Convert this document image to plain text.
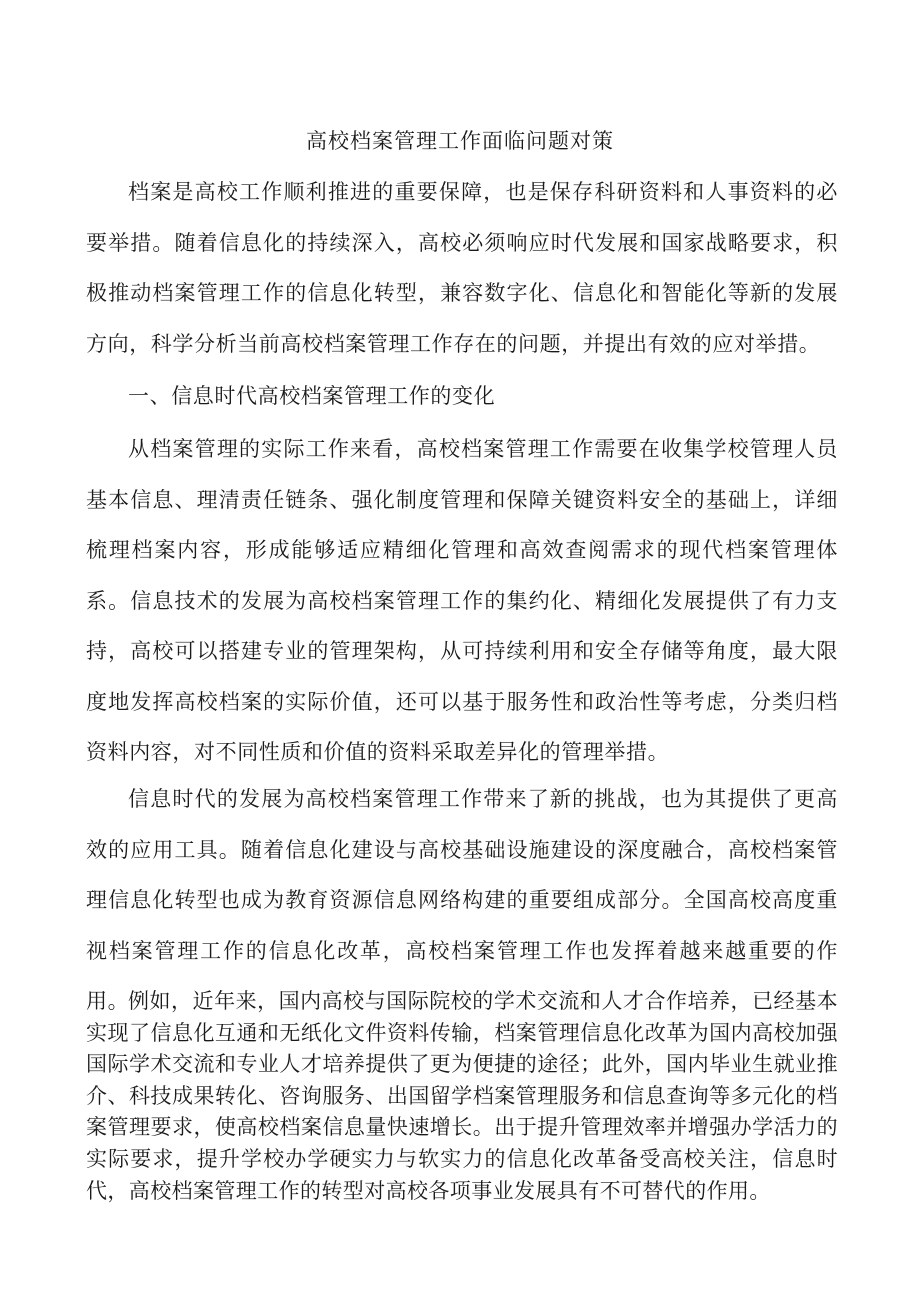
高校档案管理工作面临问题对策

档案是高校工作顺利推进的重要保障，也是保存科研资料和人事资料的必要举措。随着信息化的持续深入，高校必须响应时代发展和国家战略要求，积极推动档案管理工作的信息化转型，兼容数字化、信息化和智能化等新的发展方向，科学分析当前高校档案管理工作存在的问题，并提出有效的应对举措。

一、信息时代高校档案管理工作的变化

从档案管理的实际工作来看，高校档案管理工作需要在收集学校管理人员基本信息、理清责任链条、强化制度管理和保障关键资料安全的基础上，详细梳理档案内容，形成能够适应精细化管理和高效查阅需求的现代档案管理体系。信息技术的发展为高校档案管理工作的集约化、精细化发展提供了有力支持，高校可以搭建专业的管理架构，从可持续利用和安全存储等角度，最大限度地发挥高校档案的实际价值，还可以基于服务性和政治性等考虑，分类归档资料内容，对不同性质和价值的资料采取差异化的管理举措。

信息时代的发展为高校档案管理工作带来了新的挑战，也为其提供了更高效的应用工具。随着信息化建设与高校基础设施建设的深度融合，高校档案管理信息化转型也成为教育资源信息网络构建的重要组成部分。全国高校高度重视档案管理工作的信息化改革，高校档案管理工作也发挥着越来越重要的作用。

例如，近年来，国内高校与国际院校的学术交流和人才合作培养，已经基本实现了信息化互通和无纸化文件资料传输，档案管理信息化改革为国内高校加强国际学术交流和专业人才培养提供了更为便捷的途径；此外，国内毕业生就业推介、科技成果转化、咨询服务、出国留学档案管理服务和信息查询等多元化的档案管理要求，使高校档案信息量快速增长。出于提升管理效率并增强办学活力的实际要求，提升学校办学硬实力与软实力的信息化改革备受高校关注，信息时代，高校档案管理工作的转型对高校各项事业发展具有不可替代的作用。
